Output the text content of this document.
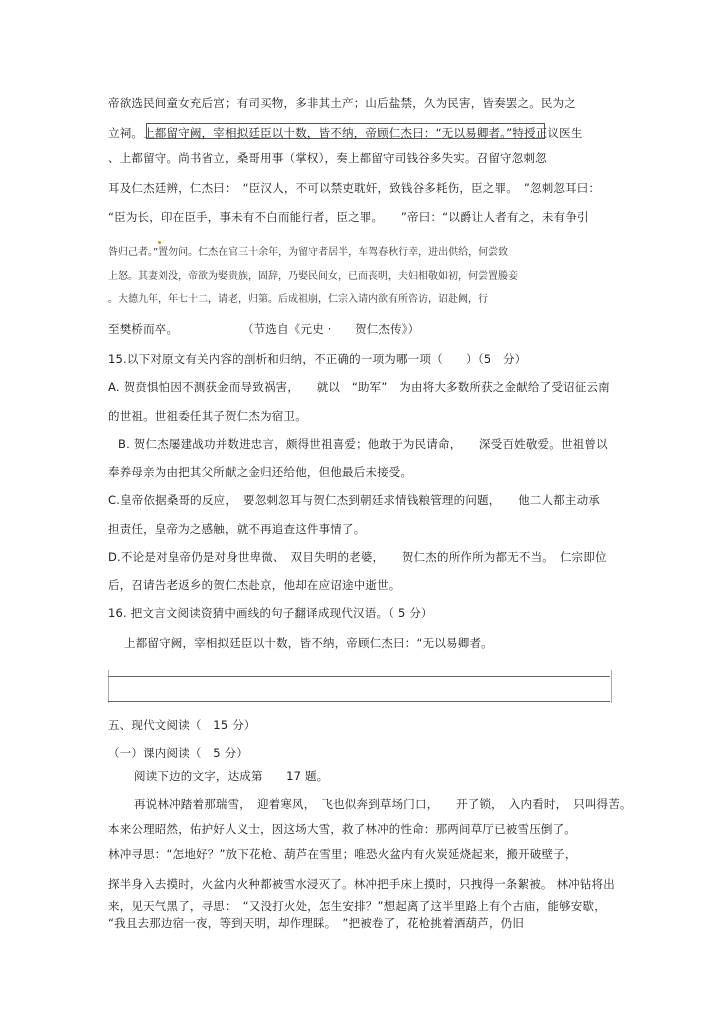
帝欲选民间童女充后宫；有司买物，多非其土产；山后盐禁，久为民害，皆奏罢之。民为之
立祠。上都留守阙，宰相拟廷臣以十数，皆不纳，帝顾仁杰曰：“无以易卿者。”特授正议医生
、上都留守。尚书省立，桑哥用事（掌权），奏上都留守司钱谷多失实。召留守忽刺忽
耳及仁杰廷辨，仁杰曰：　“臣汉人，不可以禁吏耽奸，致钱谷多耗伤，臣之罪。　”忽刺忽耳曰：
“臣为长，印在臣手，事未有不白而能行者，臣之罪。　　”帝曰：“以爵让人者有之，未有争引
咎归己者。”置勿问。仁杰在官三十余年，为留守者居半，车驾春秋行幸，进出供给，何尝致
上怒。其妻刘没，帝欲为娶贵族，固辞，乃娶民间女，已而丧明，夫妇相敬如初，何尝置媵妾
。大德九年，年七十二，请老，归第。后成祖崩，仁宗入请内欲有所咨访，诏赴阙，行
至樊桥而卒。	（节选自《元史 ·　　贺仁杰传》）
15.以下对原文有关内容的剖析和归纳，不正确的一项为哪一项（　　）（5　分）
A. 贺贲惧怕因不测获金而导致祸害，　　就以　“助军”　为由将大多数所获之金献给了受诏征云南
的世祖。世祖委任其子贺仁杰为宿卫。
B. 贺仁杰屡建战功并数进忠言，颇得世祖喜爱；他敢于为民请命，　　深受百姓敬爱。世祖曾以
奉养母亲为由把其父所献之金归还给他，但他最后未接受。
C.皇帝依据桑哥的反应，　要忽刺忽耳与贺仁杰到朝廷求情钱粮管理的问题，　　他二人都主动承
担责任，皇帝为之感触，就不再追查这件事情了。
D.不论是对皇帝仍是对身世卑微、　双目失明的老婆，　　贺仁杰的所作所为都无不当。　仁宗即位
后，召请告老返乡的贺仁杰赴京，他却在应诏途中逝世。
16. 把文言文阅读资猜中画线的句子翻译成现代汉语。（ 5 分）
上都留守阙，宰相拟廷臣以十数，皆不纳，帝顾仁杰曰：“无以易卿者。
五、现代文阅读（　15 分）
（一）课内阅读（　5 分）
阅读下边的文字，达成第　　17 题。
再说林冲踏着那瑞雪，　迎着寒风，　飞也似奔到草场门口，　　开了锁，　入内看时，　只叫得苦。
本来公理昭然，佑护好人义士，因这场大雪，救了林冲的性命：那两间草厅已被雪压倒了。
林冲寻思：“怎地好？”放下花枪、葫芦在雪里；唯恐火盆内有火炭延烧起来，搬开破壁子，
探半身入去摸时，火盆内火种都被雪水浸灭了。林冲把手床上摸时，只拽得一条絮被。 林冲钻将出
来，见天气黑了，寻思：　“又没打火处，怎生安排？”想起离了这半里路上有个古庙，能够安歇，
“我且去那边宿一夜，等到天明，却作理睬。　”把被卷了，花枪挑着酒葫芦，仍旧
